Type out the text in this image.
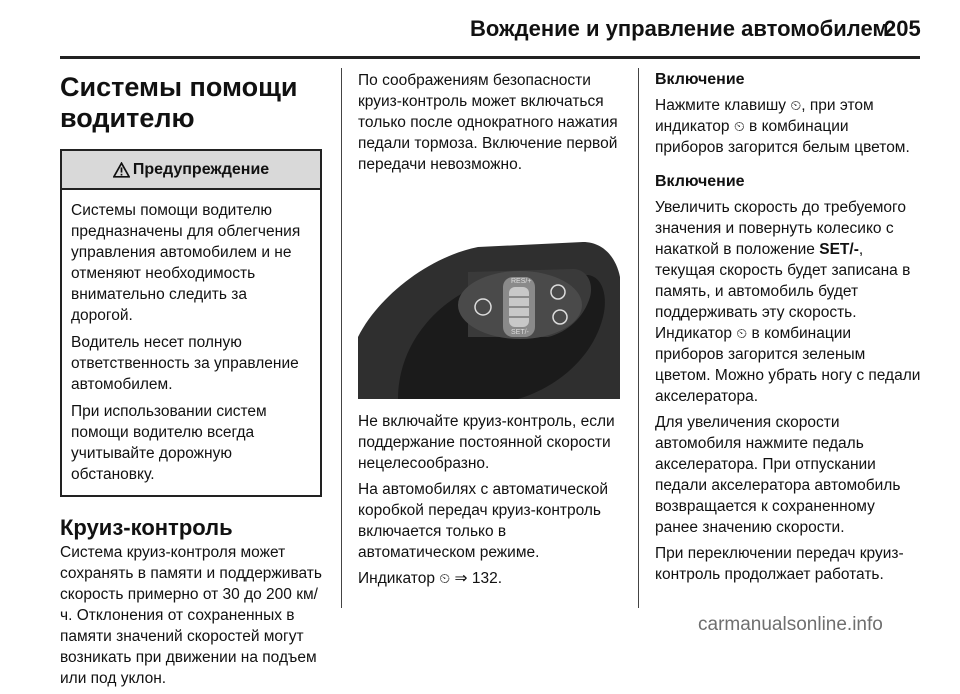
Вождение и управление автомобилем
205
Системы помощи
водителю
Предупреждение

Системы помощи водителю предназначены для облегчения управления автомобилем и не отменяют необходимость внимательно следить за дорогой.

Водитель несет полную ответственность за управление автомобилем.

При использовании систем помощи водителю всегда учитывайте дорожную обстановку.

Круиз-контроль

Система круиз-контроля может сохранять в памяти и поддерживать скорость примерно от 30 до 200 км/ч. Отклонения от сохраненных в памяти значений скоростей могут возникать при движении на подъем или под уклон.

По соображениям безопасности круиз-контроль может включаться только после однократного нажатия педали тормоза. Включение первой передачи невозможно.

RES/+
SET/-

Не включайте круиз-контроль, если поддержание постоянной скорости нецелесообразно.

На автомобилях с автоматической коробкой передач круиз-контроль включается только в автоматическом режиме.

Индикатор ⏲ ⇒ 132.

Включение

Нажмите клавишу ⏲, при этом индикатор ⏲ в комбинации приборов загорится белым цветом.

Включение

Увеличить скорость до требуемого значения и повернуть колесико с накаткой в положение SET/-, текущая скорость будет записана в память, и автомобиль будет поддерживать эту скорость. Индикатор ⏲ в комбинации приборов загорится зеленым цветом. Можно убрать ногу с педали акселератора.

Для увеличения скорости автомобиля нажмите педаль акселератора. При отпускании педали акселератора автомобиль возвращается к сохраненному ранее значению скорости.

При переключении передач круиз-контроль продолжает работать.

carmanualsonline.info
